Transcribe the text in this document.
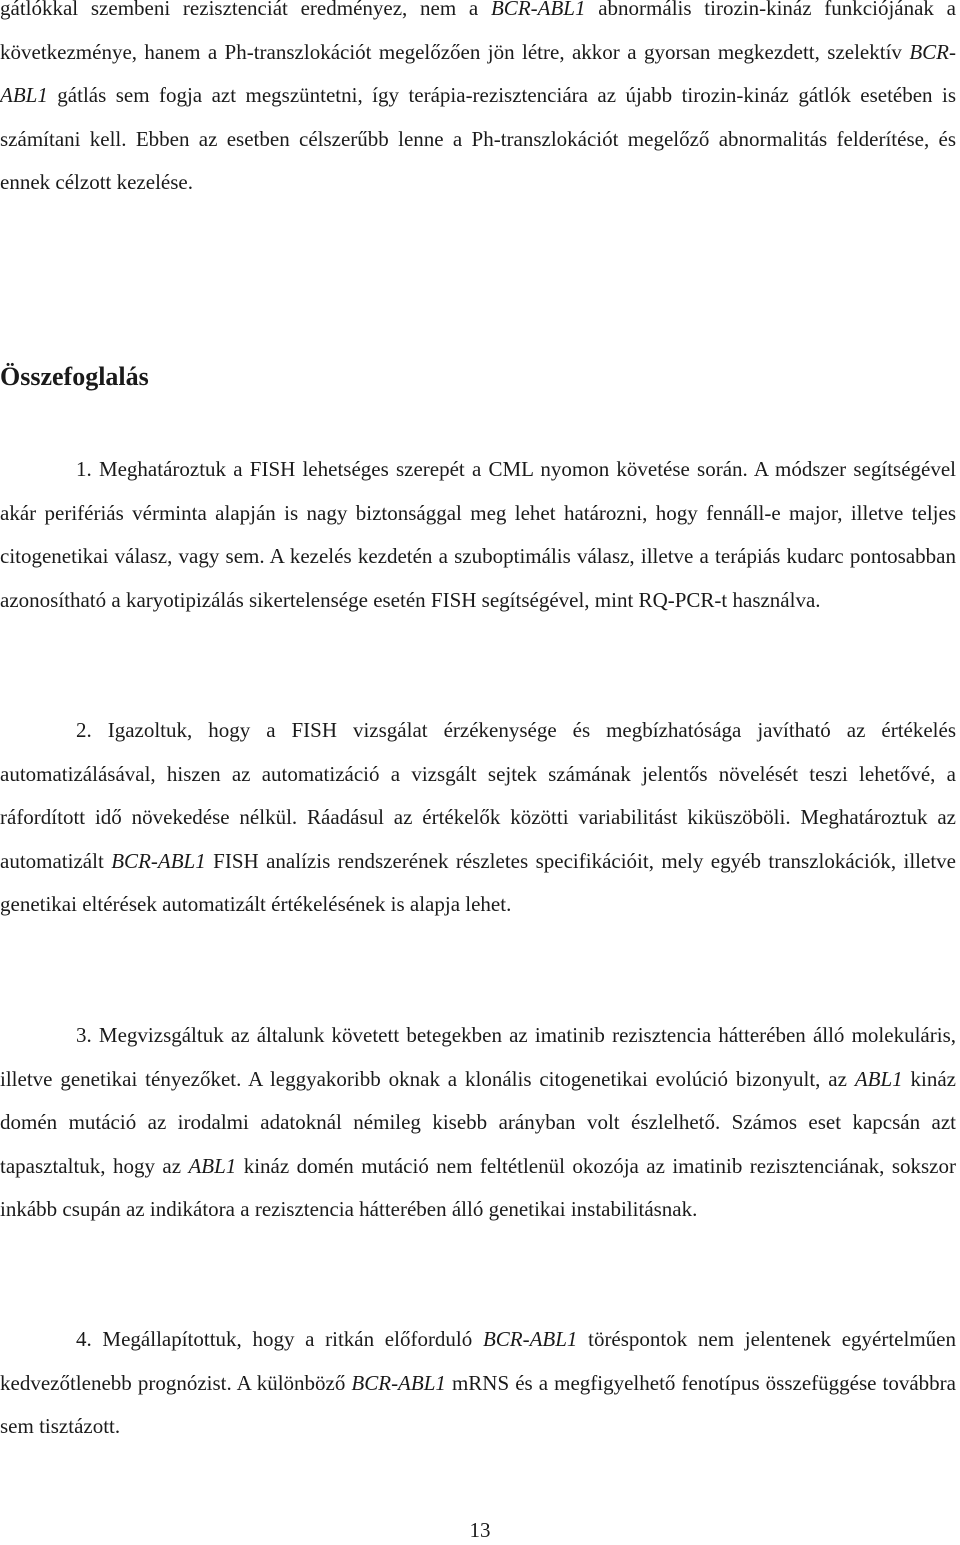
gátlókkal szembeni rezisztenciát eredményez, nem a BCR-ABL1 abnormális tirozin-kináz funkciójának a következménye, hanem a Ph-transzlokációt megelőzően jön létre, akkor a gyorsan megkezdett, szelektív BCR-ABL1 gátlás sem fogja azt megszüntetni, így terápia-rezisztenciára az újabb tirozin-kináz gátlók esetében is számítani kell. Ebben az esetben célszerűbb lenne a Ph-transzlokációt megelőző abnormalitás felderítése, és ennek célzott kezelése.

Összefoglalás

1. Meghatároztuk a FISH lehetséges szerepét a CML nyomon követése során. A módszer segítségével akár perifériás vérminta alapján is nagy biztonsággal meg lehet határozni, hogy fennáll-e major, illetve teljes citogenetikai válasz, vagy sem. A kezelés kezdetén a szuboptimális válasz, illetve a terápiás kudarc pontosabban azonosítható a karyotipizálás sikertelensége esetén FISH segítségével, mint RQ-PCR-t használva.

2. Igazoltuk, hogy a FISH vizsgálat érzékenysége és megbízhatósága javítható az értékelés automatizálásával, hiszen az automatizáció a vizsgált sejtek számának jelentős növelését teszi lehetővé, a ráfordított idő növekedése nélkül. Ráadásul az értékelők közötti variabilitást kiküszöböli. Meghatároztuk az automatizált BCR-ABL1 FISH analízis rendszerének részletes specifikációit, mely egyéb transzlokációk, illetve genetikai eltérések automatizált értékelésének is alapja lehet.

3. Megvizsgáltuk az általunk követett betegekben az imatinib rezisztencia hátterében álló molekuláris, illetve genetikai tényezőket. A leggyakoribb oknak a klonális citogenetikai evolúció bizonyult, az ABL1 kináz domén mutáció az irodalmi adatoknál némileg kisebb arányban volt észlelhető. Számos eset kapcsán azt tapasztaltuk, hogy az ABL1 kináz domén mutáció nem feltétlenül okozója az imatinib rezisztenciának, sokszor inkább csupán az indikátora a rezisztencia hátterében álló genetikai instabilitásnak.

4. Megállapítottuk, hogy a ritkán előforduló BCR-ABL1 töréspontok nem jelentenek egyértelműen kedvezőtlenebb prognózist. A különböző BCR-ABL1 mRNS és a megfigyelhető fenotípus összefüggése továbbra sem tisztázott.

13
